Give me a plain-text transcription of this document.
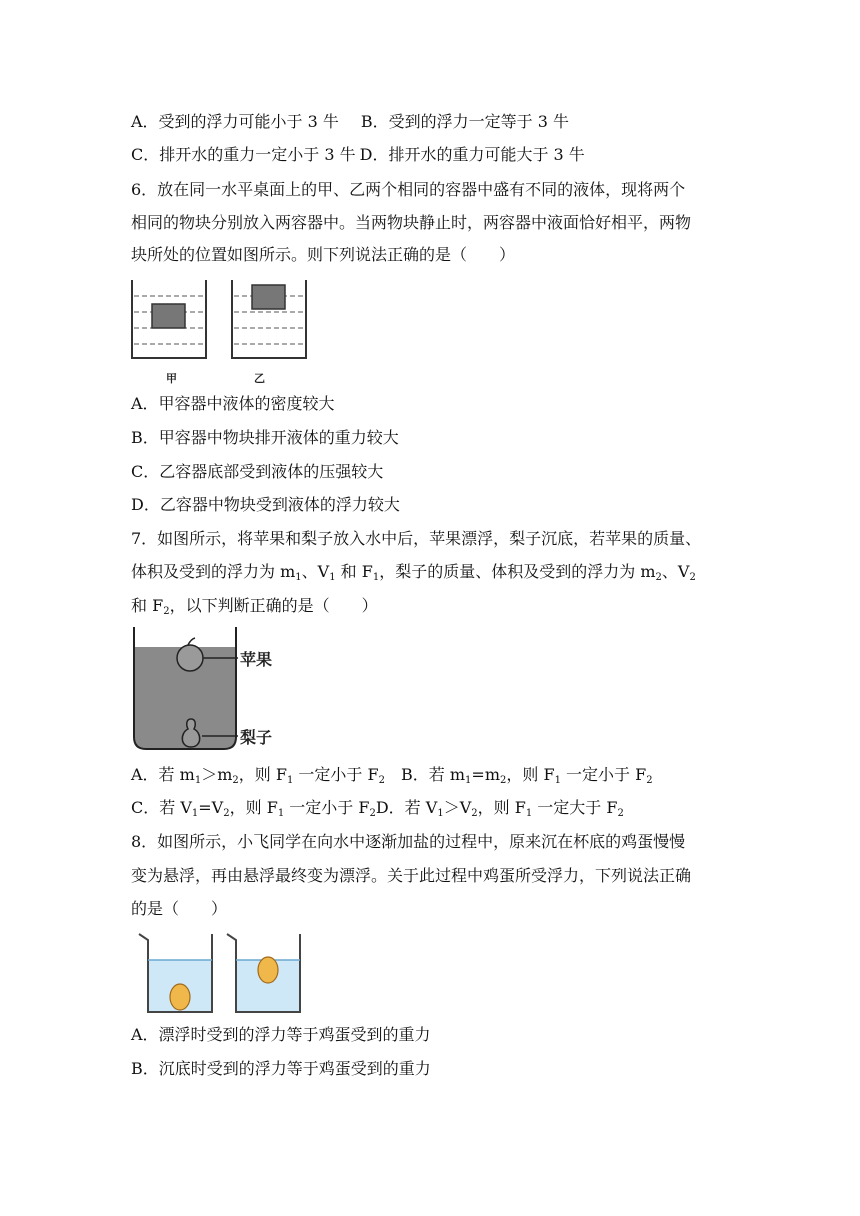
A．受到的浮力可能小于 3 牛 B．受到的浮力一定等于 3 牛
C．排开水的重力一定小于 3 牛 D．排开水的重力可能大于 3 牛
6．放在同一水平桌面上的甲、乙两个相同的容器中盛有不同的液体，现将两个
相同的物块分别放入两容器中。当两物块静止时，两容器中液面恰好相平，两物
块所处的位置如图所示。则下列说法正确的是（　　）
甲	乙
A．甲容器中液体的密度较大
B．甲容器中物块排开液体的重力较大
C．乙容器底部受到液体的压强较大
D．乙容器中物块受到液体的浮力较大
7．如图所示，将苹果和梨子放入水中后，苹果漂浮，梨子沉底，若苹果的质量、
体积及受到的浮力为 $m_1$、$V_1$ 和 $F_1$，梨子的质量、体积及受到的浮力为 $m_2$、$V_2$
和 $F_2$，以下判断正确的是（　　）
苹果
梨子
A．若 $m_1>m_2$，则 $F_1$ 一定小于 $F_2$　B．若 $m_1=m_2$，则 $F_1$ 一定小于 $F_2$
C．若 $V_1=V_2$，则 $F_1$ 一定小于 $F_2D$．若 $V_1>V_2$，则 $F_1$ 一定大于 $F_2$
8．如图所示，小飞同学在向水中逐渐加盐的过程中，原来沉在杯底的鸡蛋慢慢
变为悬浮，再由悬浮最终变为漂浮。关于此过程中鸡蛋所受浮力，下列说法正确
的是（　　）
A．漂浮时受到的浮力等于鸡蛋受到的重力
B．沉底时受到的浮力等于鸡蛋受到的重力
